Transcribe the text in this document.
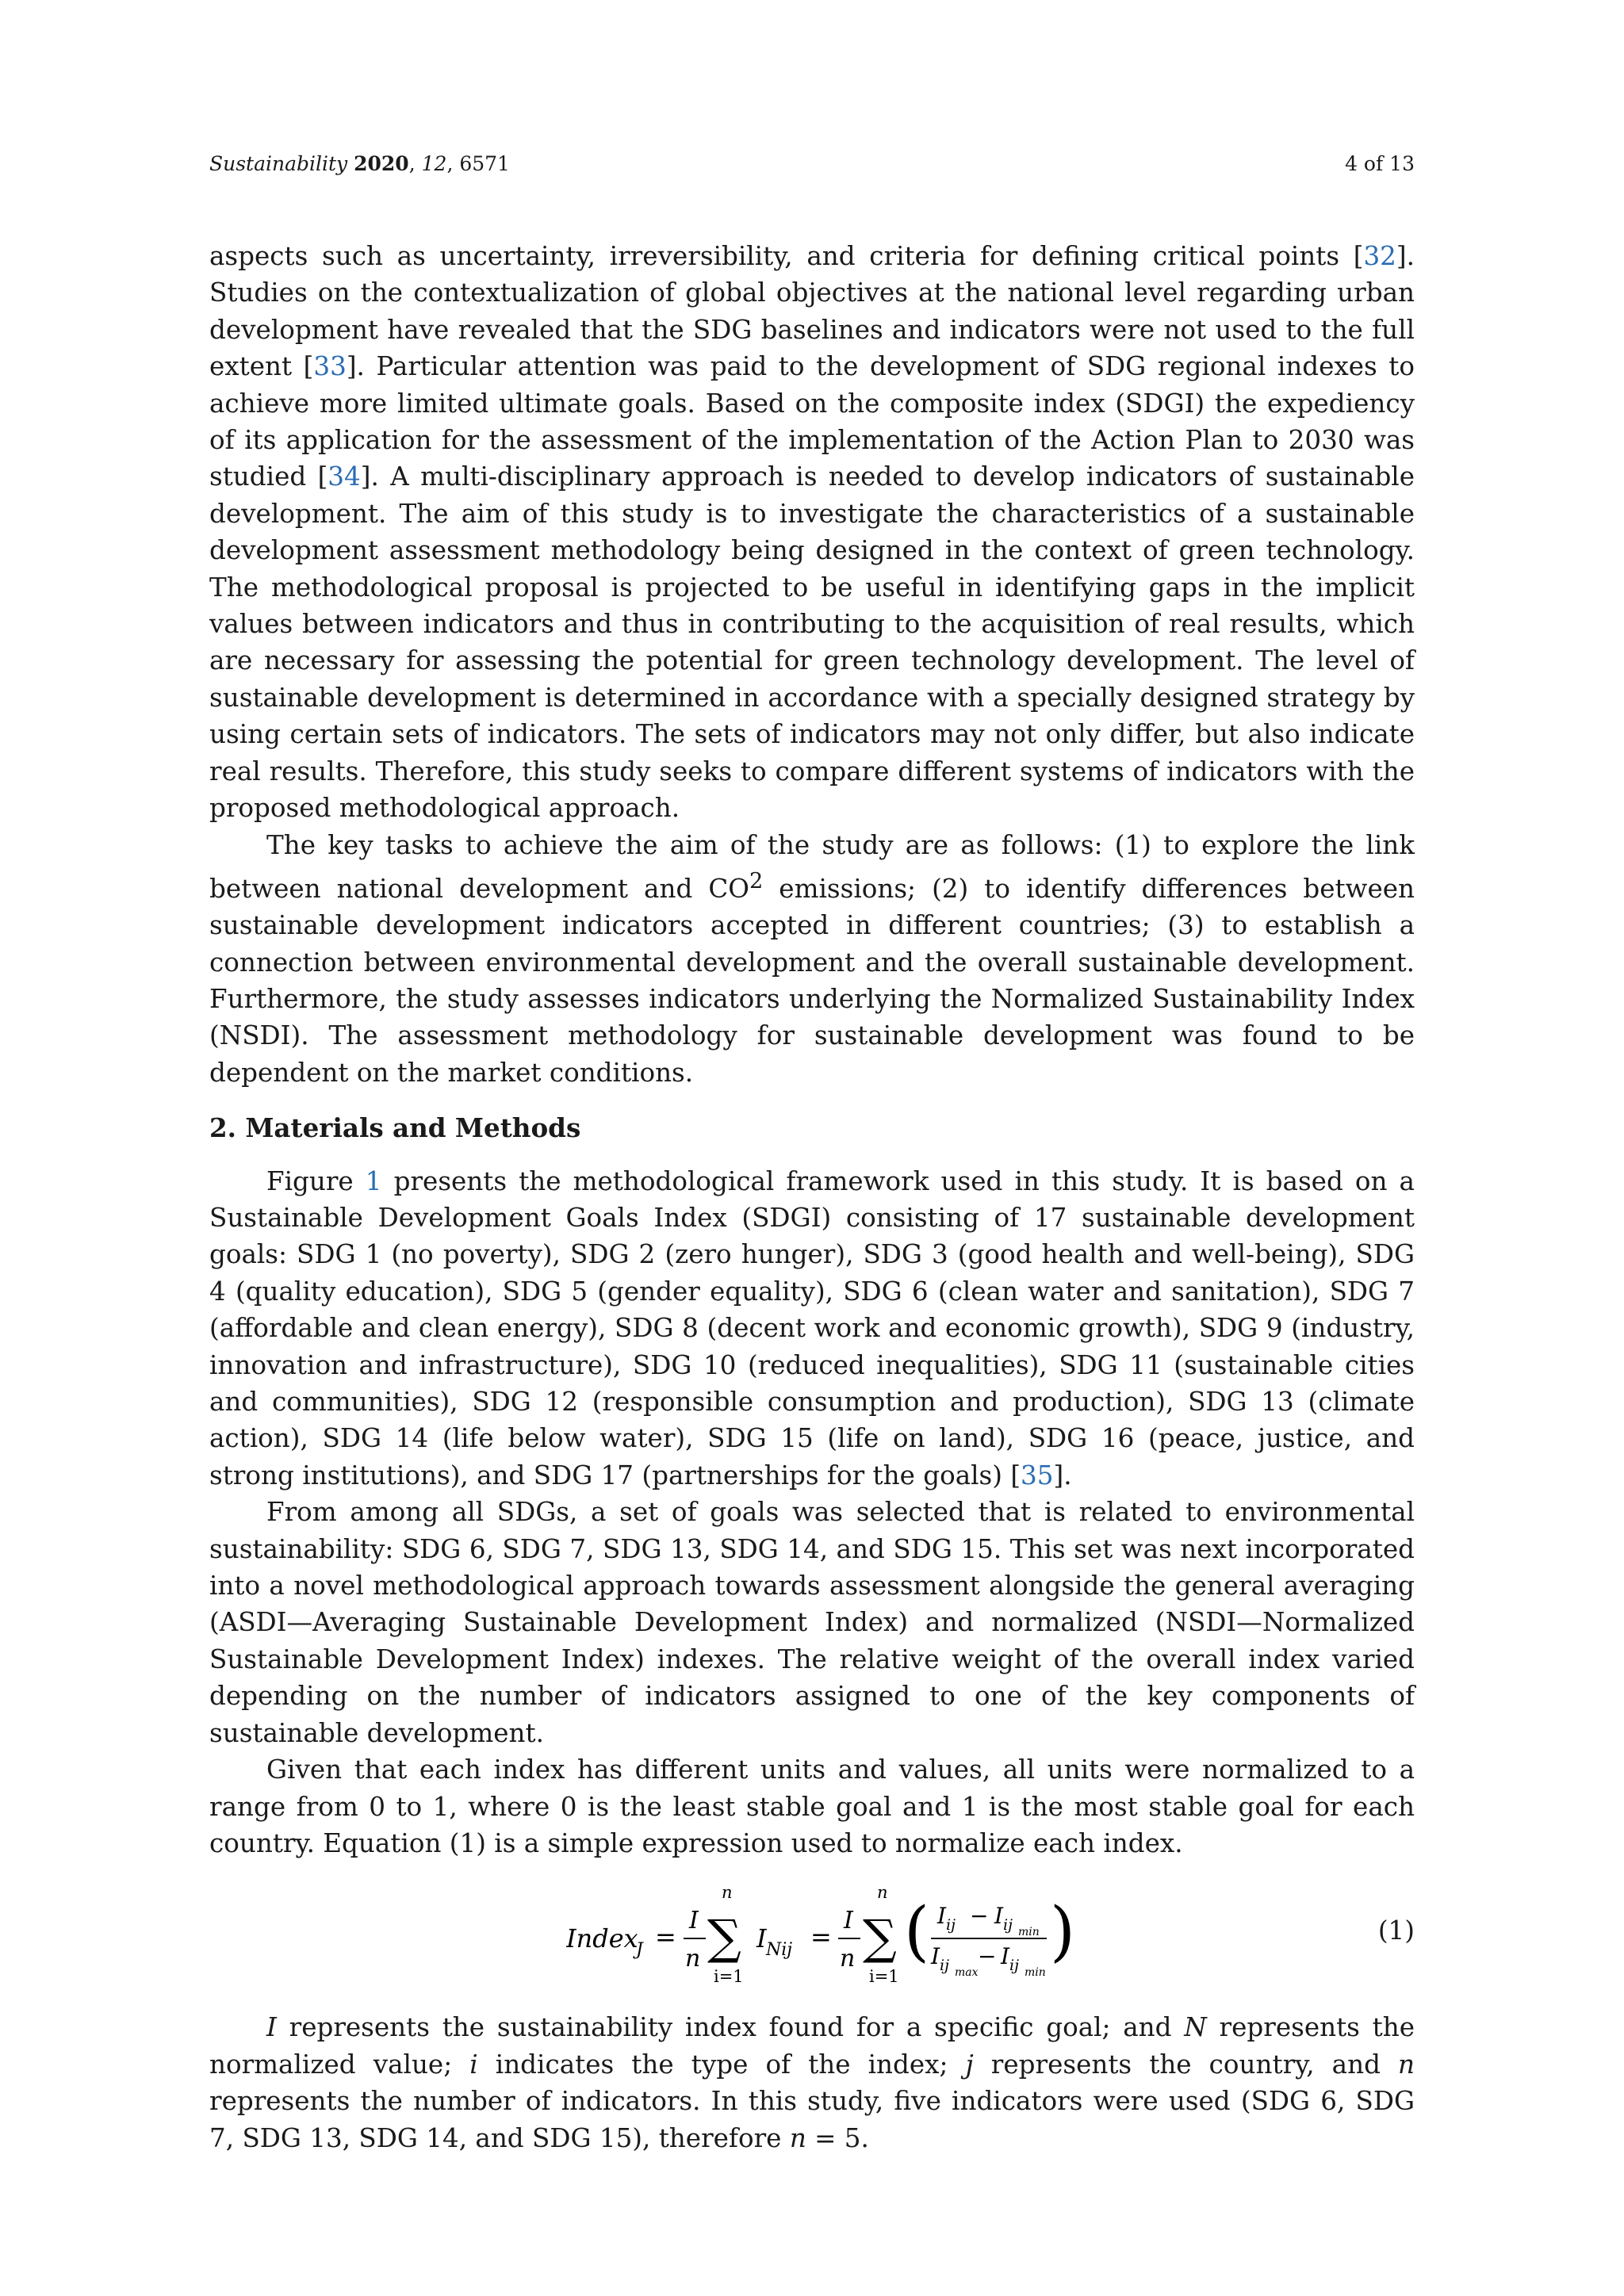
Sustainability 2020, 12, 6571	4 of 13

aspects such as uncertainty, irreversibility, and criteria for defining critical points [32]. Studies on the contextualization of global objectives at the national level regarding urban development have revealed that the SDG baselines and indicators were not used to the full extent [33]. Particular attention was paid to the development of SDG regional indexes to achieve more limited ultimate goals. Based on the composite index (SDGI) the expediency of its application for the assessment of the implementation of the Action Plan to 2030 was studied [34]. A multi-disciplinary approach is needed to develop indicators of sustainable development. The aim of this study is to investigate the characteristics of a sustainable development assessment methodology being designed in the context of green technology. The methodological proposal is projected to be useful in identifying gaps in the implicit values between indicators and thus in contributing to the acquisition of real results, which are necessary for assessing the potential for green technology development. The level of sustainable development is determined in accordance with a specially designed strategy by using certain sets of indicators. The sets of indicators may not only differ, but also indicate real results. Therefore, this study seeks to compare different systems of indicators with the proposed methodological approach.

The key tasks to achieve the aim of the study are as follows: (1) to explore the link between national development and $CO^2$ emissions; (2) to identify differences between sustainable development indicators accepted in different countries; (3) to establish a connection between environmental development and the overall sustainable development. Furthermore, the study assesses indicators underlying the Normalized Sustainability Index (NSDI). The assessment methodology for sustainable development was found to be dependent on the market conditions.

2. Materials and Methods

Figure 1 presents the methodological framework used in this study. It is based on a Sustainable Development Goals Index (SDGI) consisting of 17 sustainable development goals: SDG 1 (no poverty), SDG 2 (zero hunger), SDG 3 (good health and well-being), SDG 4 (quality education), SDG 5 (gender equality), SDG 6 (clean water and sanitation), SDG 7 (affordable and clean energy), SDG 8 (decent work and economic growth), SDG 9 (industry, innovation and infrastructure), SDG 10 (reduced inequalities), SDG 11 (sustainable cities and communities), SDG 12 (responsible consumption and production), SDG 13 (climate action), SDG 14 (life below water), SDG 15 (life on land), SDG 16 (peace, justice, and strong institutions), and SDG 17 (partnerships for the goals) [35].

From among all SDGs, a set of goals was selected that is related to environmental sustainability: SDG 6, SDG 7, SDG 13, SDG 14, and SDG 15. This set was next incorporated into a novel methodological approach towards assessment alongside the general averaging (ASDI—Averaging Sustainable Development Index) and normalized (NSDI—Normalized Sustainable Development Index) indexes. The relative weight of the overall index varied depending on the number of indicators assigned to one of the key components of sustainable development.

Given that each index has different units and values, all units were normalized to a range from 0 to 1, where 0 is the least stable goal and 1 is the most stable goal for each country. Equation (1) is a simple expression used to normalize each index.

Index
J =
I
n
n
∑
i=1
I Nij =
I
n
n
∑
i=1
( I ij − I ij min
I ij max
− I ij min
)	(1)

I represents the sustainability index found for a specific goal; and N represents the normalized value; i indicates the type of the index; j represents the country, and n represents the number of indicators. In this study, five indicators were used (SDG 6, SDG 7, SDG 13, SDG 14, and SDG 15), therefore n = 5.
